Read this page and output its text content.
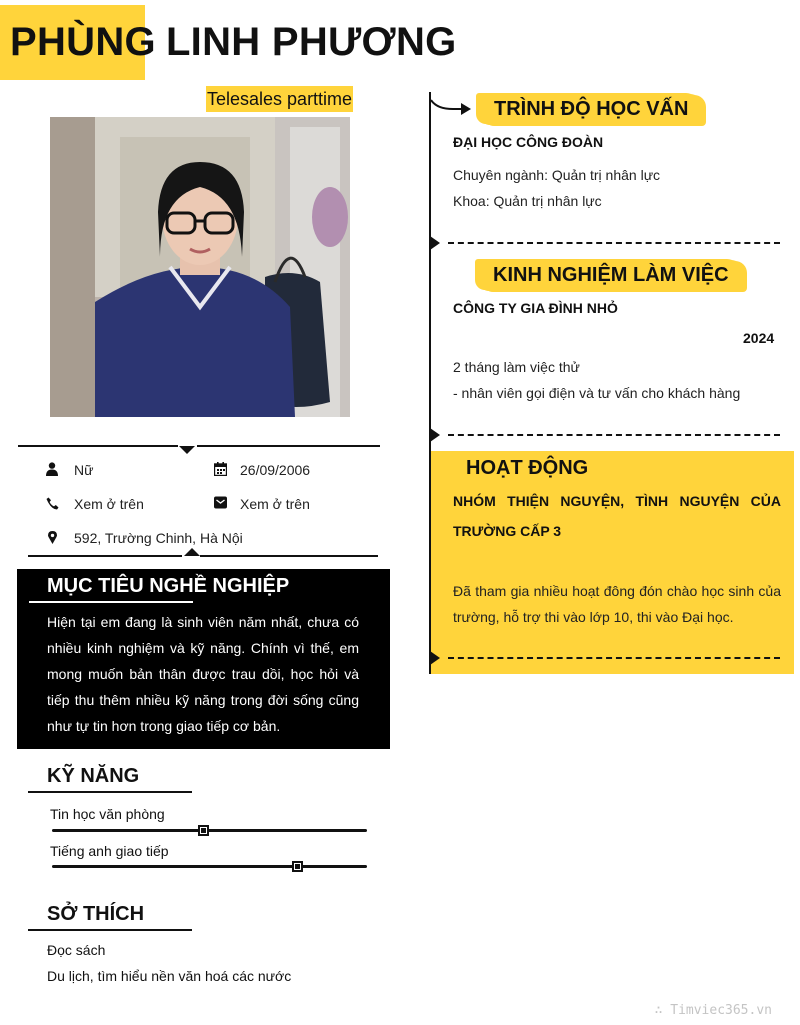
PHÙNG LINH PHƯƠNG
Telesales parttime
Nữ	26/09/2006
Xem ở trên	Xem ở trên
592, Trường Chinh, Hà Nội
MỤC TIÊU NGHỀ NGHIỆP
Hiện tại em đang là sinh viên năm nhất, chưa có nhiều kinh nghiệm và kỹ năng. Chính vì thế, em mong muốn bản thân được trau dồi, học hỏi và tiếp thu thêm nhiều kỹ năng trong đời sống cũng như tự tin hơn trong giao tiếp cơ bản.
KỸ NĂNG
Tin học văn phòng
Tiếng anh giao tiếp
SỞ THÍCH
Đọc sách
Du lịch, tìm hiểu nền văn hoá các nước
TRÌNH ĐỘ HỌC VẤN
ĐẠI HỌC CÔNG ĐOÀN
Chuyên ngành: Quản trị nhân lực
Khoa: Quản trị nhân lực
KINH NGHIỆM LÀM VIỆC
CÔNG TY GIA ĐÌNH NHỎ
2024
2 tháng làm việc thử
- nhân viên gọi điện và tư vấn cho khách hàng
HOẠT ĐỘNG
NHÓM THIỆN NGUYỆN, TÌNH NGUYỆN CỦA TRƯỜNG CẤP 3
Đã tham gia nhiều hoạt đông đón chào học sinh của trường, hỗ trợ thi vào lớp 10, thi vào Đại học.
∴ Timviec365.vn
